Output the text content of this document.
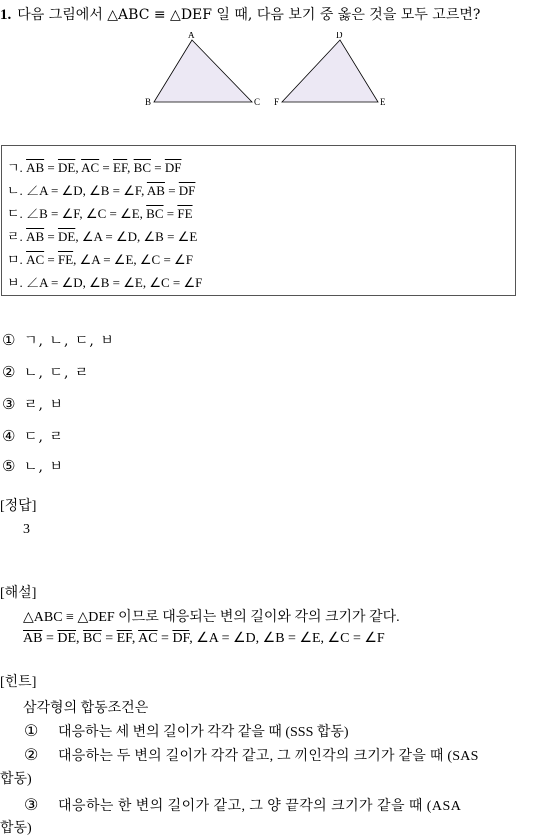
1. 다음 그림에서 △ABC ≡ △DEF 일 때, 다음 보기 중 옳은 것을 모두 고르면?
A
B	C
D
F	E
ㄱ. $\overline{AB} = \overline{DE}$, $\overline{AC} = \overline{EF}$, $\overline{BC} = \overline{DF}$
ㄴ. ∠A = ∠D, ∠B = ∠F, $\overline{AB} = \overline{DF}$
ㄷ. ∠B = ∠F, ∠C = ∠E, $\overline{BC} = \overline{FE}$
ㄹ. $\overline{AB} = \overline{DE}$, ∠A = ∠D, ∠B = ∠E
ㅁ. $\overline{AC} = \overline{FE}$, ∠A = ∠E, ∠C = ∠F
ㅂ. ∠A = ∠D, ∠B = ∠E, ∠C = ∠F
① ㄱ, ㄴ, ㄷ, ㅂ
② ㄴ, ㄷ, ㄹ
③ ㄹ, ㅂ
④ ㄷ, ㄹ
⑤ ㄴ, ㅂ
[정답]
3
[해설]
△ABC ≡ △DEF 이므로 대응되는 변의 길이와 각의 크기가 같다.
$\overline{AB} = \overline{DE}$, $\overline{BC} = \overline{EF}$, $\overline{AC} = \overline{DF}$, ∠A = ∠D, ∠B = ∠E, ∠C = ∠F
[힌트]
삼각형의 합동조건은
① 대응하는 세 변의 길이가 각각 같을 때 (SSS 합동)
② 대응하는 두 변의 길이가 각각 같고, 그 끼인각의 크기가 같을 때 (SAS
합동)
③ 대응하는 한 변의 길이가 같고, 그 양 끝각의 크기가 같을 때 (ASA
합동)
